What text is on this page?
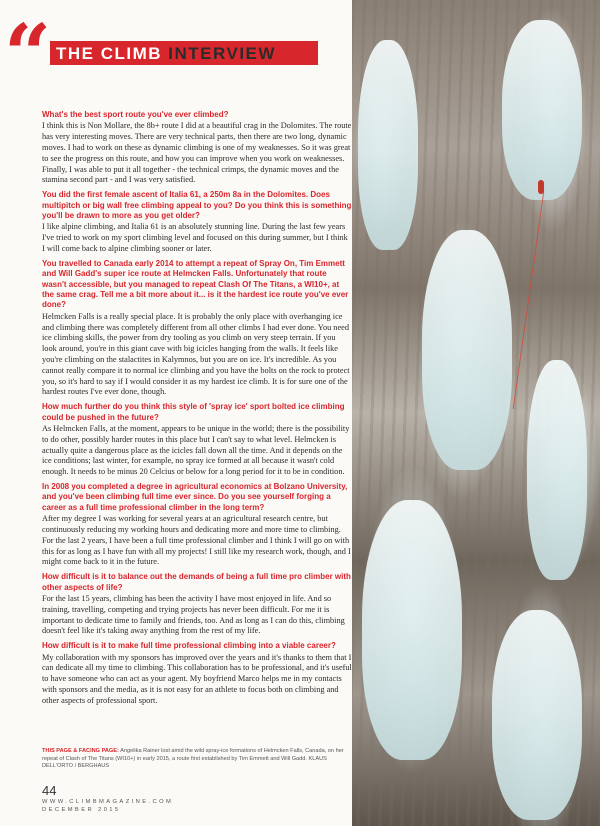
“ THE CLIMB INTERVIEW

What's the best sport route you've ever climbed?

I think this is Non Mollare, the 8b+ route I did at a beautiful crag in the Dolomites. The route has very interesting moves. There are very technical parts, then there are two long, dynamic moves. I had to work on these as dynamic climbing is one of my weaknesses. So it was great to see the progress on this route, and how you can improve when you work on weaknesses. Finally, I was able to put it all together - the technical crimps, the dynamic moves and the stamina second part - and I was very satisfied.

You did the first female ascent of Italia 61, a 250m 8a in the Dolomites. Does multipitch or big wall free climbing appeal to you? Do you think this is something you'll be drawn to more as you get older?

I like alpine climbing, and Italia 61 is an absolutely stunning line. During the last few years I've tried to work on my sport climbing level and focused on this during summer, but I think I will come back to alpine climbing sooner or later.

You travelled to Canada early 2014 to attempt a repeat of Spray On, Tim Emmett and Will Gadd's super ice route at Helmcken Falls. Unfortunately that route wasn't accessible, but you managed to repeat Clash Of The Titans, a WI10+, at the same crag. Tell me a bit more about it... is it the hardest ice route you've ever done?

Helmcken Falls is a really special place. It is probably the only place with overhanging ice and climbing there was completely different from all other climbs I had ever done. You need ice climbing skills, the power from dry tooling as you climb on very steep terrain. If you look around, you're in this giant cave with big icicles hanging from the walls. It feels like you're climbing on the stalactites in Kalymnos, but you are on ice. It's incredible. As you cannot really compare it to normal ice climbing and you have the bolts on the rock to protect you, so it's hard to say if I would consider it as my hardest ice climb. It is for sure one of the hardest routes I've ever done, though.

How much further do you think this style of 'spray ice' sport bolted ice climbing could be pushed in the future?

As Helmcken Falls, at the moment, appears to be unique in the world; there is the possibility to do other, possibly harder routes in this place but I can't say to what level. Helmcken is actually quite a dangerous place as the icicles fall down all the time. And it depends on the ice conditions; last winter, for example, no spray ice formed at all because it wasn't cold enough. It needs to be minus 20 Celcius or below for a long period for it to be in condition.

In 2008 you completed a degree in agricultural economics at Bolzano University, and you've been climbing full time ever since. Do you see yourself forging a career as a full time professional climber in the long term?

After my degree I was working for several years at an agricultural research centre, but continuously reducing my working hours and dedicating more and more time to climbing. For the last 2 years, I have been a full time professional climber and I think I will go on with this for as long as I have fun with all my projects! I still like my research work, though, and I might come back to it in the future.

How difficult is it to balance out the demands of being a full time pro climber with other aspects of life?

For the last 15 years, climbing has been the activity I have most enjoyed in life. And so training, travelling, competing and trying projects has never been difficult. For me it is important to dedicate time to family and friends, too. And as long as I can do this, climbing doesn't feel like it's taking away anything from the rest of my life.

How difficult is it to make full time professional climbing into a viable career?

My collaboration with my sponsors has improved over the years and it's thanks to them that I can dedicate all my time to climbing. This collaboration has to be professional, and it's useful to have someone who can act as your agent. My boyfriend Marco helps me in my contacts with sponsors and the media, as it is not easy for an athlete to focus both on climbing and other aspects of professional sport.

THIS PAGE & FACING PAGE: Angelika Rainer lost amid the wild spray-ice formations of Helmcken Falls, Canada, on her repeat of Clash of The Titans (WI10+) in early 2015, a route first established by Tim Emmett and Will Gadd. KLAUS DELL'ORTO / BERGHAUS
44
WWW.CLIMBMAGAZINE.COM
DECEMBER 2015
